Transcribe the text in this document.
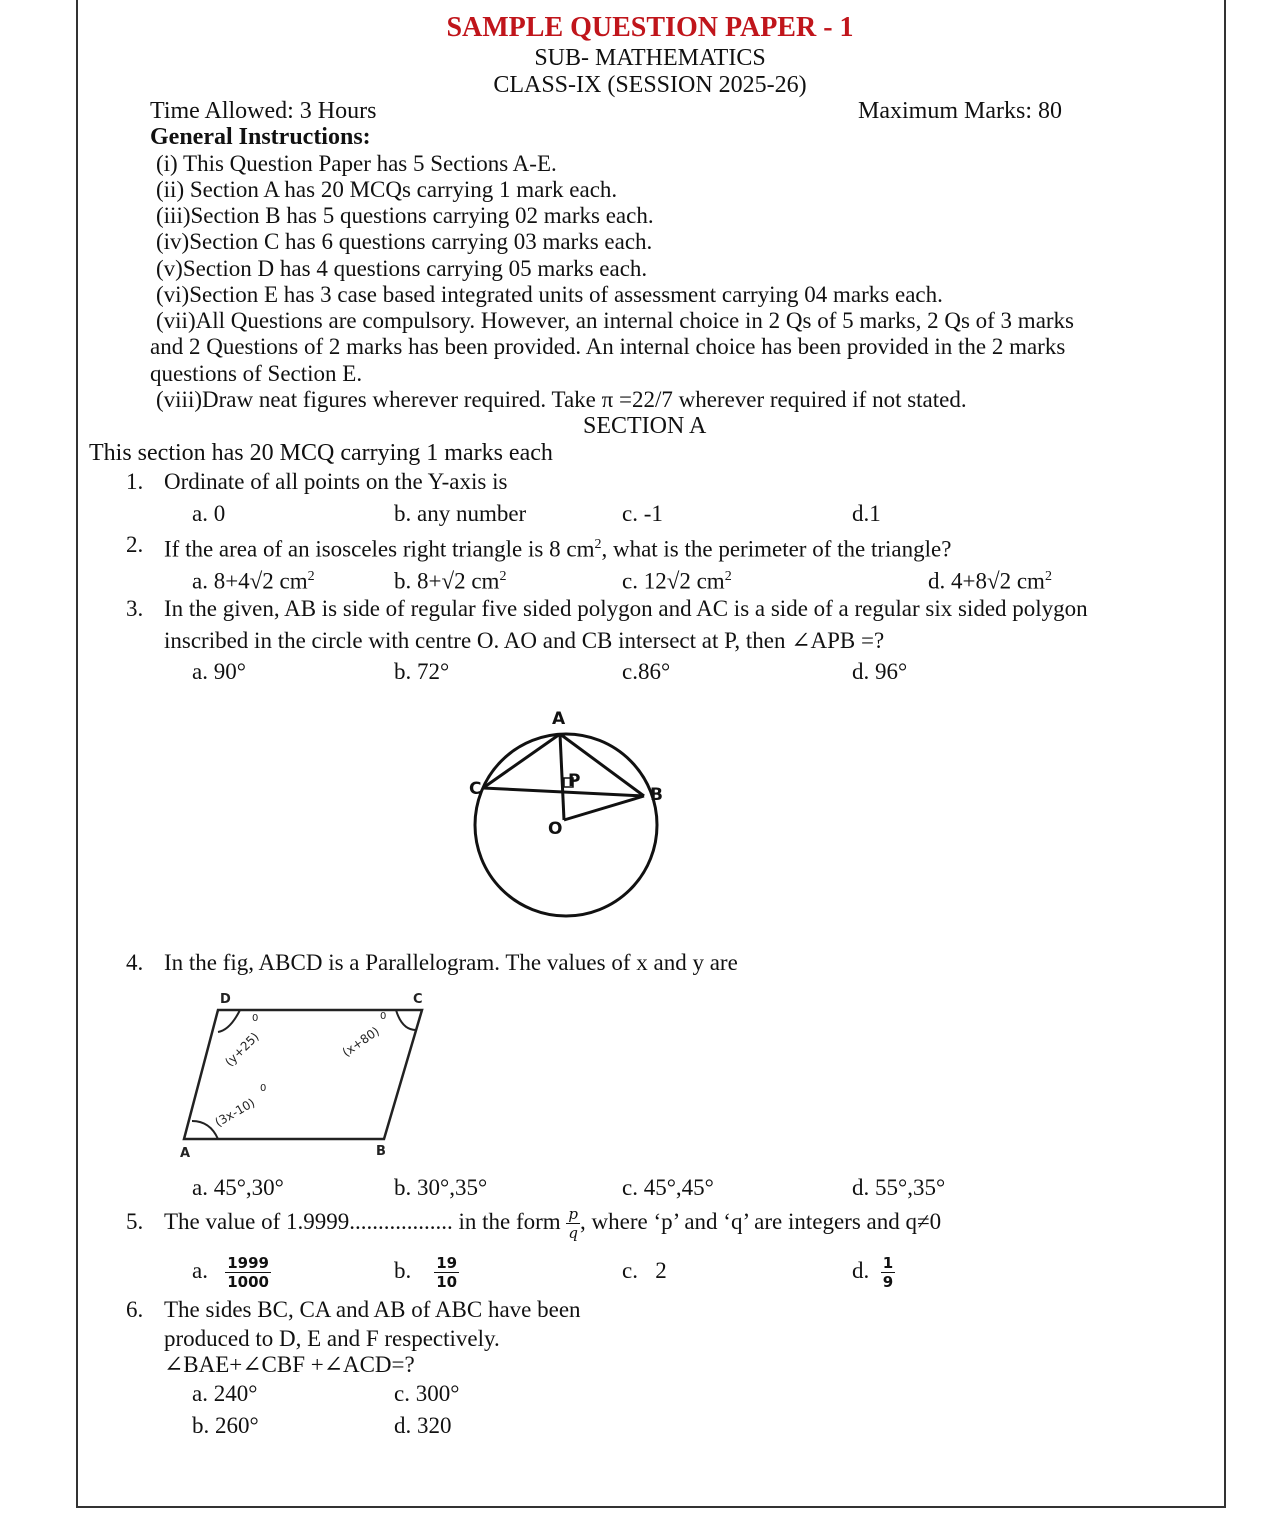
SAMPLE QUESTION PAPER - 1
SUB- MATHEMATICS
CLASS-IX (SESSION 2025-26)
Time Allowed: 3 Hours	Maximum Marks: 80
General Instructions:
(i) This Question Paper has 5 Sections A-E.
(ii) Section A has 20 MCQs carrying 1 mark each.
(iii)Section B has 5 questions carrying 02 marks each.
(iv)Section C has 6 questions carrying 03 marks each.
(v)Section D has 4 questions carrying 05 marks each.
(vi)Section E has 3 case based integrated units of assessment carrying 04 marks each.
(vii)All Questions are compulsory. However, an internal choice in 2 Qs of 5 marks, 2 Qs of 3 marks
and 2 Questions of 2 marks has been provided. An internal choice has been provided in the 2 marks
questions of Section E.
(viii)Draw neat figures wherever required. Take π =22/7 wherever required if not stated.
SECTION A
This section has 20 MCQ carrying 1 marks each
1. Ordinate of all points on the Y-axis is
a. 0	b. any number	c. -1	d.1
2. If the area of an isosceles right triangle is 8 $cm^2$, what is the perimeter of the triangle?
a. 8+4√2 $cm^2$	b. 8+√2 $cm^2$	c. 12√2 $cm^2$	d. 4+8√2 $cm^2$
3. In the given, AB is side of regular five sided polygon and AC is a side of a regular six sided polygon
inscribed in the circle with centre O. AO and CB intersect at P, then ∠APB =?
a. 90°	b. 72°	c.86°	d. 96°
A
B
C	P
O
4. In the fig, ABCD is a Parallelogram. The values of x and y are
D	C
A	B
(y+25)	(x+80)
(3x-10)
0	0
0
a. 45°,30°	b. 30°,35°	c. 45°,45°	d. 55°,35°
5. The value of 1.9999.................. in the form $\frac{p}{q}$ , where ‘p’ and ‘q’ are integers and q≠0
a. $\frac{1999}{1000}$	b. $\frac{19}{10}$	c. 2	d. $\frac{1}{9}$
6. The sides BC, CA and AB of ABC have been
produced to D, E and F respectively.
∠BAE+∠CBF +∠ACD=?
a. 240°	c. 300°
b. 260°	d. 320
